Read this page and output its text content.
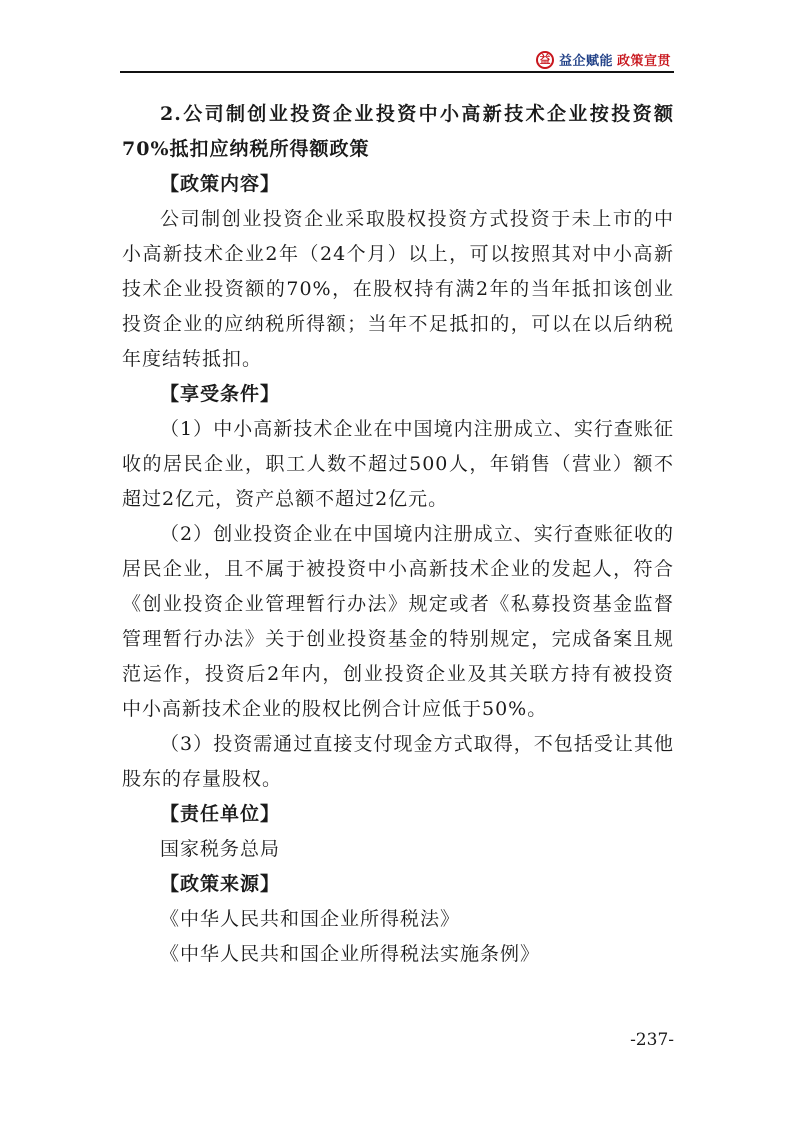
益 益企赋能 政策宣贯

2.公司制创业投资企业投资中小高新技术企业按投资额70%抵扣应纳税所得额政策

【政策内容】

公司制创业投资企业采取股权投资方式投资于未上市的中小高新技术企业2年（24个月）以上，可以按照其对中小高新技术企业投资额的70%，在股权持有满2年的当年抵扣该创业投资企业的应纳税所得额；当年不足抵扣的，可以在以后纳税年度结转抵扣。

【享受条件】

（1）中小高新技术企业在中国境内注册成立、实行查账征收的居民企业，职工人数不超过500人，年销售（营业）额不超过2亿元，资产总额不超过2亿元。

（2）创业投资企业在中国境内注册成立、实行查账征收的居民企业，且不属于被投资中小高新技术企业的发起人，符合《创业投资企业管理暂行办法》规定或者《私募投资基金监督管理暂行办法》关于创业投资基金的特别规定，完成备案且规范运作，投资后2年内，创业投资企业及其关联方持有被投资中小高新技术企业的股权比例合计应低于50%。

（3）投资需通过直接支付现金方式取得，不包括受让其他股东的存量股权。

【责任单位】

国家税务总局

【政策来源】

《中华人民共和国企业所得税法》

《中华人民共和国企业所得税法实施条例》

-237-
